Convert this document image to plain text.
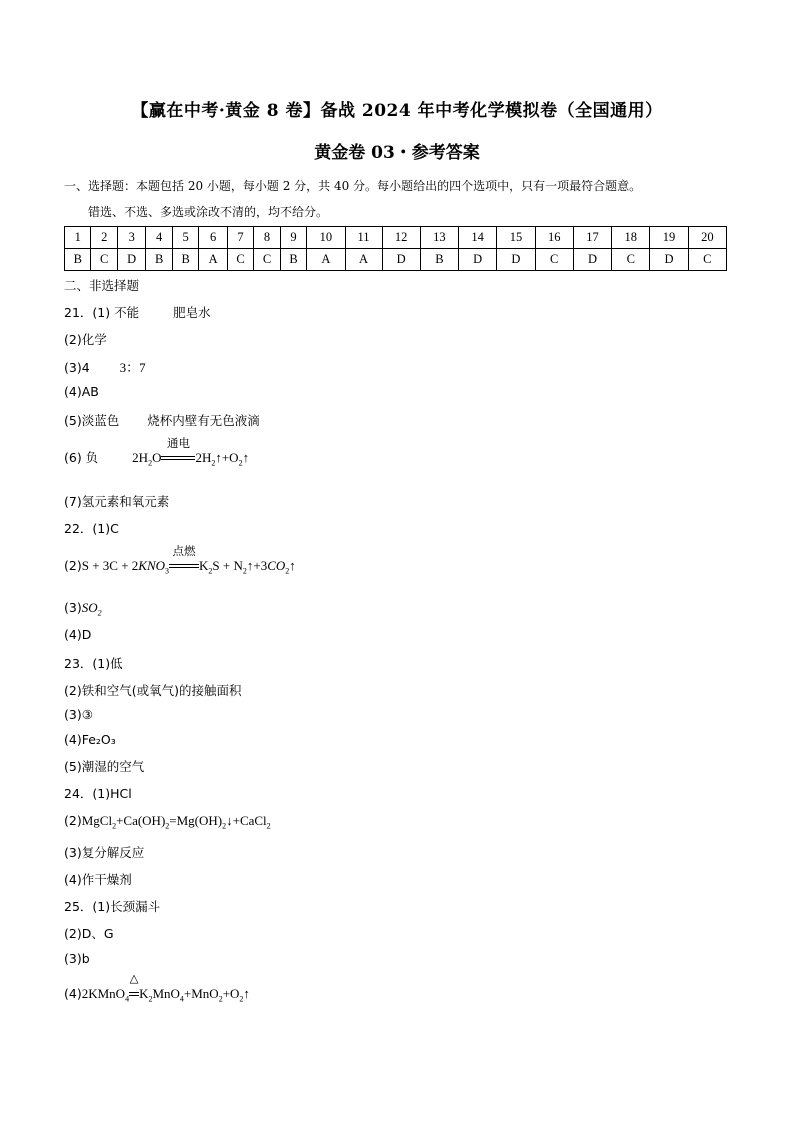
【赢在中考·黄金 8 卷】备战 2024 年中考化学模拟卷（全国通用）
黄金卷 03・参考答案
一、选择题：本题包括 20 小题，每小题 2 分，共 40 分。每小题给出的四个选项中，只有一项最符合题意。
错选、不选、多选或涂改不清的，均不给分。
1	2	3	4	5	6	7	8	9	10	11	12	13	14	15	16	17	18	19	20
B	C	D	B	B	A	C	C	B	A	A	D	B	D	D	C	D	C	D	C
二、非选择题
21．(1) 不能	肥皂水
(2)化学
(3)4 3：7
(4)AB
(5)淡蓝色 烧杯内壁有无色液滴
(6) 负	$2H_2O$
通电
$2H_2↑+O_2↑$
(7)氢元素和氧元素
22．(1)C
$(2)S + 3C + 2KNO_3$
点燃
$K_2S$ + $N_2↑+3CO_2↑$
$(3)SO_2$
(4)D
23．(1)低
(2)铁和空气(或氧气)的接触面积
(3)③
(4)Fe₂O₃
(5)潮湿的空气
24．(1)HCl
$(2)MgCl_2+Ca(OH)_2=Mg(OH)_2↓+CaCl_2$
(3)复分解反应
(4)作干燥剂
25．(1)长颈漏斗
(2)D、G
(3)b
(4)2KMnO$_4$
△
$K_2MnO_4+MnO_2+O_2↑$
